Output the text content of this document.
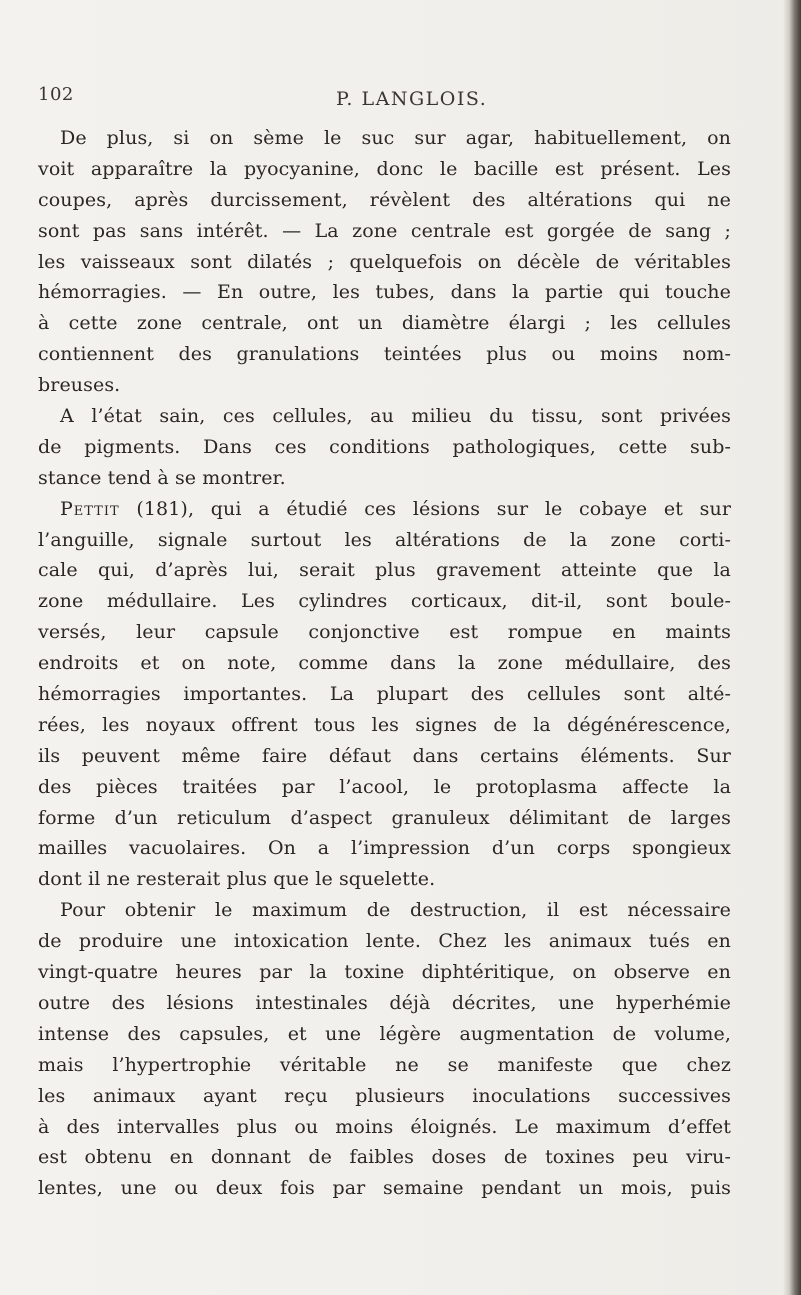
102	P. LANGLOIS.
De plus, si on sème le suc sur agar, habituellement, on
voit apparaître la pyocyanine, donc le bacille est présent. Les
coupes, après durcissement, révèlent des altérations qui ne
sont pas sans intérêt. — La zone centrale est gorgée de sang ;
les vaisseaux sont dilatés ; quelquefois on décèle de véritables
hémorragies. — En outre, les tubes, dans la partie qui touche
à cette zone centrale, ont un diamètre élargi ; les cellules
contiennent des granulations teintées plus ou moins nom-
breuses.
A l’état sain, ces cellules, au milieu du tissu, sont privées
de pigments. Dans ces conditions pathologiques, cette sub-
stance tend à se montrer.
Pettit (181), qui a étudié ces lésions sur le cobaye et sur
l’anguille, signale surtout les altérations de la zone corti-
cale qui, d’après lui, serait plus gravement atteinte que la
zone médullaire. Les cylindres corticaux, dit-il, sont boule-
versés, leur capsule conjonctive est rompue en maints
endroits et on note, comme dans la zone médullaire, des
hémorragies importantes. La plupart des cellules sont alté-
rées, les noyaux offrent tous les signes de la dégénérescence,
ils peuvent même faire défaut dans certains éléments. Sur
des pièces traitées par l’acool, le protoplasma affecte la
forme d’un reticulum d’aspect granuleux délimitant de larges
mailles vacuolaires. On a l’impression d’un corps spongieux
dont il ne resterait plus que le squelette.
Pour obtenir le maximum de destruction, il est nécessaire
de produire une intoxication lente. Chez les animaux tués en
vingt-quatre heures par la toxine diphtéritique, on observe en
outre des lésions intestinales déjà décrites, une hyperhémie
intense des capsules, et une légère augmentation de volume,
mais l’hypertrophie véritable ne se manifeste que chez
les animaux ayant reçu plusieurs inoculations successives
à des intervalles plus ou moins éloignés. Le maximum d’effet
est obtenu en donnant de faibles doses de toxines peu viru-
lentes, une ou deux fois par semaine pendant un mois, puis
